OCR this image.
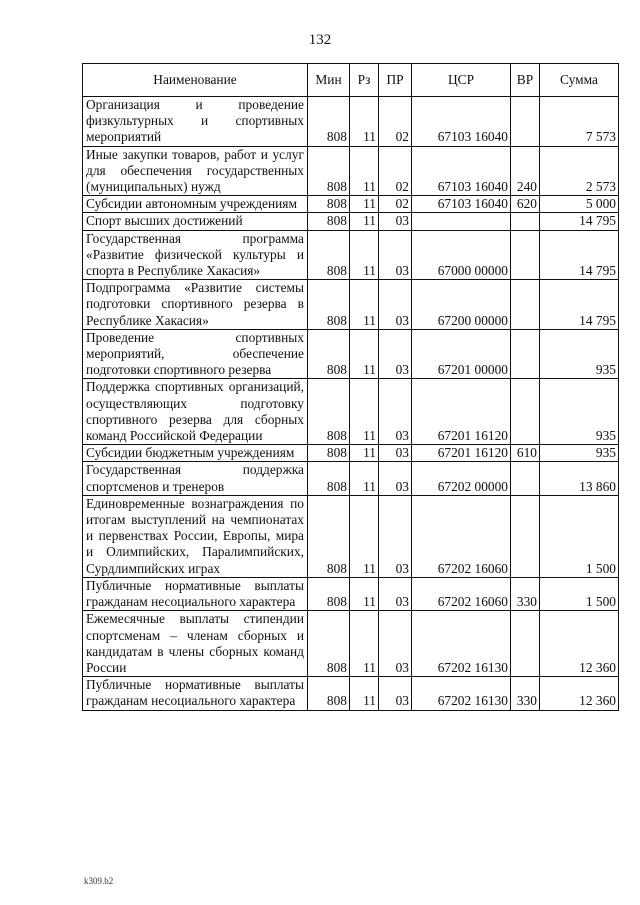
132
Наименование	Мин	Рз	ПР	ЦСР	ВР	Сумма
Организация и проведение физкультурных и спортивных мероприятий	808	11	02	67103 16040		7 573
Иные закупки товаров, работ и услуг для обеспечения государственных (муниципальных) нужд	808	11	02	67103 16040	240	2 573
Субсидии автономным учреждениям	808	11	02	67103 16040	620	5 000
Спорт высших достижений	808	11	03			14 795
Государственная программа «Развитие физической культуры и спорта в Республике Хакасия»	808	11	03	67000 00000		14 795
Подпрограмма «Развитие системы подготовки спортивного резерва в Республике Хакасия»	808	11	03	67200 00000		14 795
Проведение спортивных мероприятий, обеспечение подготовки спортивного резерва	808	11	03	67201 00000		935
Поддержка спортивных организаций, осуществляющих подготовку спортивного резерва для сборных команд Российской Федерации	808	11	03	67201 16120		935
Субсидии бюджетным учреждениям	808	11	03	67201 16120	610	935
Государственная поддержка спортсменов и тренеров	808	11	03	67202 00000		13 860
Единовременные вознаграждения по итогам выступлений на чемпионатах и первенствах России, Европы, мира и Олимпийских, Паралимпийских, Сурдлимпийских играх	808	11	03	67202 16060		1 500
Публичные нормативные выплаты гражданам несоциального характера	808	11	03	67202 16060	330	1 500
Ежемесячные выплаты стипендии спортсменам – членам сборных и кандидатам в члены сборных команд России	808	11	03	67202 16130		12 360
Публичные нормативные выплаты гражданам несоциального характера	808	11	03	67202 16130	330	12 360
k309.b2
